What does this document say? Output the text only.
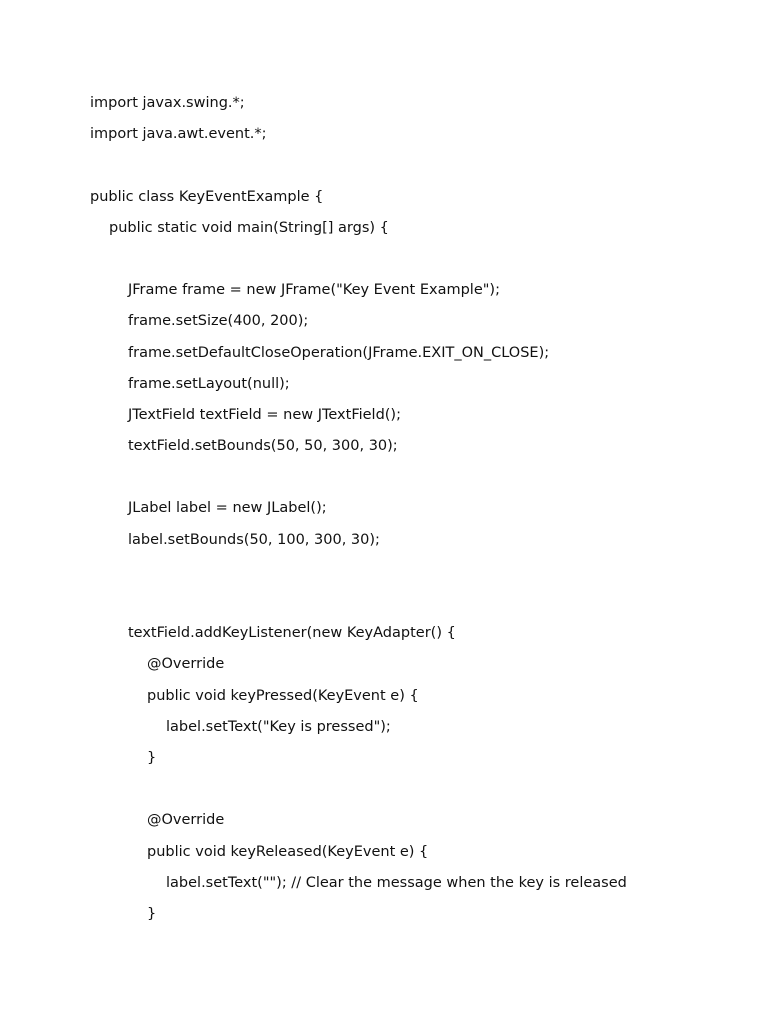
import javax.swing.*;
import java.awt.event.*;
public class KeyEventExample {
public static void main(String[] args) {
JFrame frame = new JFrame("Key Event Example");
frame.setSize(400, 200);
frame.setDefaultCloseOperation(JFrame.EXIT_ON_CLOSE);
frame.setLayout(null);
JTextField textField = new JTextField();
textField.setBounds(50, 50, 300, 30);
JLabel label = new JLabel();
label.setBounds(50, 100, 300, 30);
textField.addKeyListener(new KeyAdapter() {
@Override
public void keyPressed(KeyEvent e) {
label.setText("Key is pressed");
}
@Override
public void keyReleased(KeyEvent e) {
label.setText(""); // Clear the message when the key is released
}
